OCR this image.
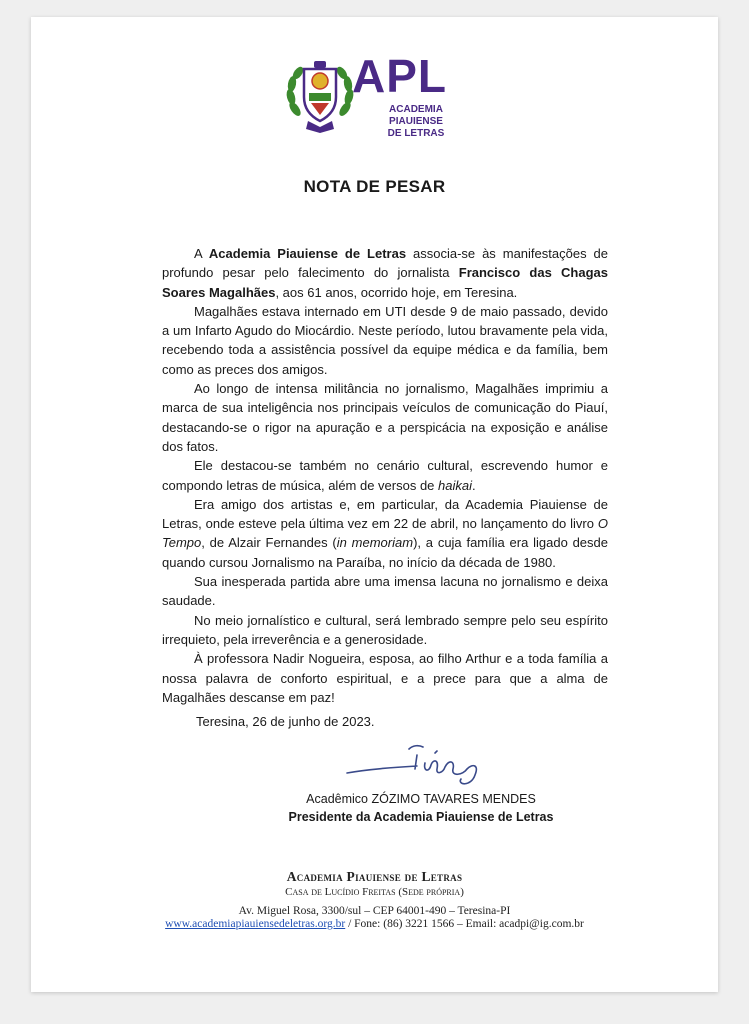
APL
ACADEMIA PIAUIENSE
DE LETRAS
NOTA DE PESAR

A Academia Piauiense de Letras associa-se às manifestações de profundo pesar pelo falecimento do jornalista Francisco das Chagas Soares Magalhães, aos 61 anos, ocorrido hoje, em Teresina.

Magalhães estava internado em UTI desde 9 de maio passado, devido a um Infarto Agudo do Miocárdio. Neste período, lutou bravamente pela vida, recebendo toda a assistência possível da equipe médica e da família, bem como as preces dos amigos.

Ao longo de intensa militância no jornalismo, Magalhães imprimiu a marca de sua inteligência nos principais veículos de comunicação do Piauí, destacando-se o rigor na apuração e a perspicácia na exposição e análise dos fatos.

Ele destacou-se também no cenário cultural, escrevendo humor e compondo letras de música, além de versos de haikai.

Era amigo dos artistas e, em particular, da Academia Piauiense de Letras, onde esteve pela última vez em 22 de abril, no lançamento do livro O Tempo, de Alzair Fernandes (in memoriam), a cuja família era ligado desde quando cursou Jornalismo na Paraíba, no início da década de 1980.

Sua inesperada partida abre uma imensa lacuna no jornalismo e deixa saudade.

No meio jornalístico e cultural, será lembrado sempre pelo seu espírito irrequieto, pela irreverência e a generosidade.

À professora Nadir Nogueira, esposa, ao filho Arthur e a toda família a nossa palavra de conforto espiritual, e a prece para que a alma de Magalhães descanse em paz!

Teresina, 26 de junho de 2023.

Acadêmico ZÓZIMO TAVARES MENDES
Presidente da Academia Piauiense de Letras
Academia Piauiense de Letras
Casa de Lucídio Freitas (Sede própria)
Av. Miguel Rosa, 3300/sul – CEP 64001-490 – Teresina-PI
www.academiapiauiensedeletras.org.br / Fone: (86) 3221 1566 – Email: acadpi@ig.com.br
